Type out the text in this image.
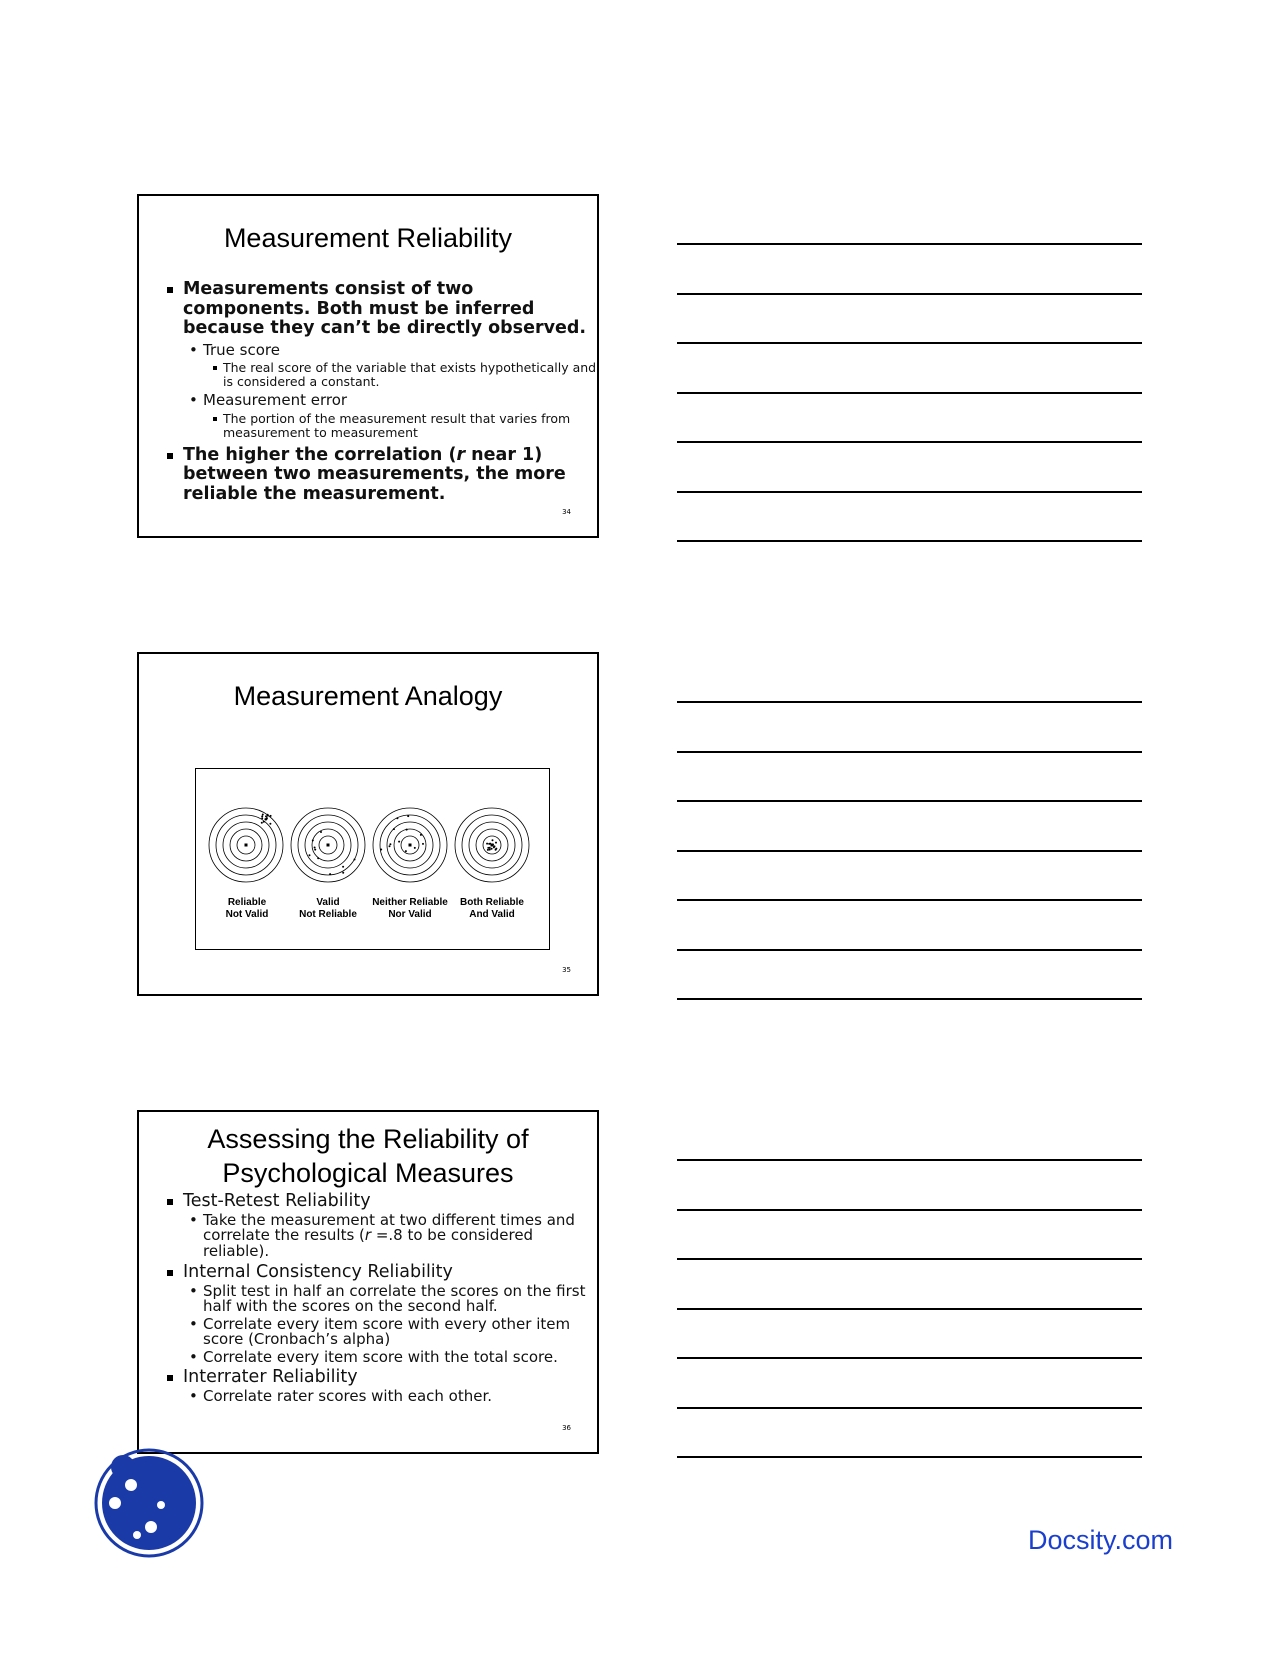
Measurement Reliability
Measurements consist of two components. Both must be inferred because they can’t be directly observed.
• True score
The real score of the variable that exists hypothetically and is considered a constant.
• Measurement error
The portion of the measurement result that varies from measurement to measurement
The higher the correlation (r near 1) between two measurements, the more reliable the measurement.
34
Measurement Analogy
Reliable
Not Valid
Valid
Not Reliable
Neither Reliable
Nor Valid
Both Reliable
And Valid
35
Assessing the Reliability of
Psychological Measures
Test-Retest Reliability
• Take the measurement at two different times and correlate the results (r =.8 to be considered reliable).
Internal Consistency Reliability
• Split test in half an correlate the scores on the first half with the scores on the second half.
• Correlate every item score with every other item score (Cronbach’s alpha)
• Correlate every item score with the total score.
Interrater Reliability
• Correlate rater scores with each other.
36
Docsity.com
